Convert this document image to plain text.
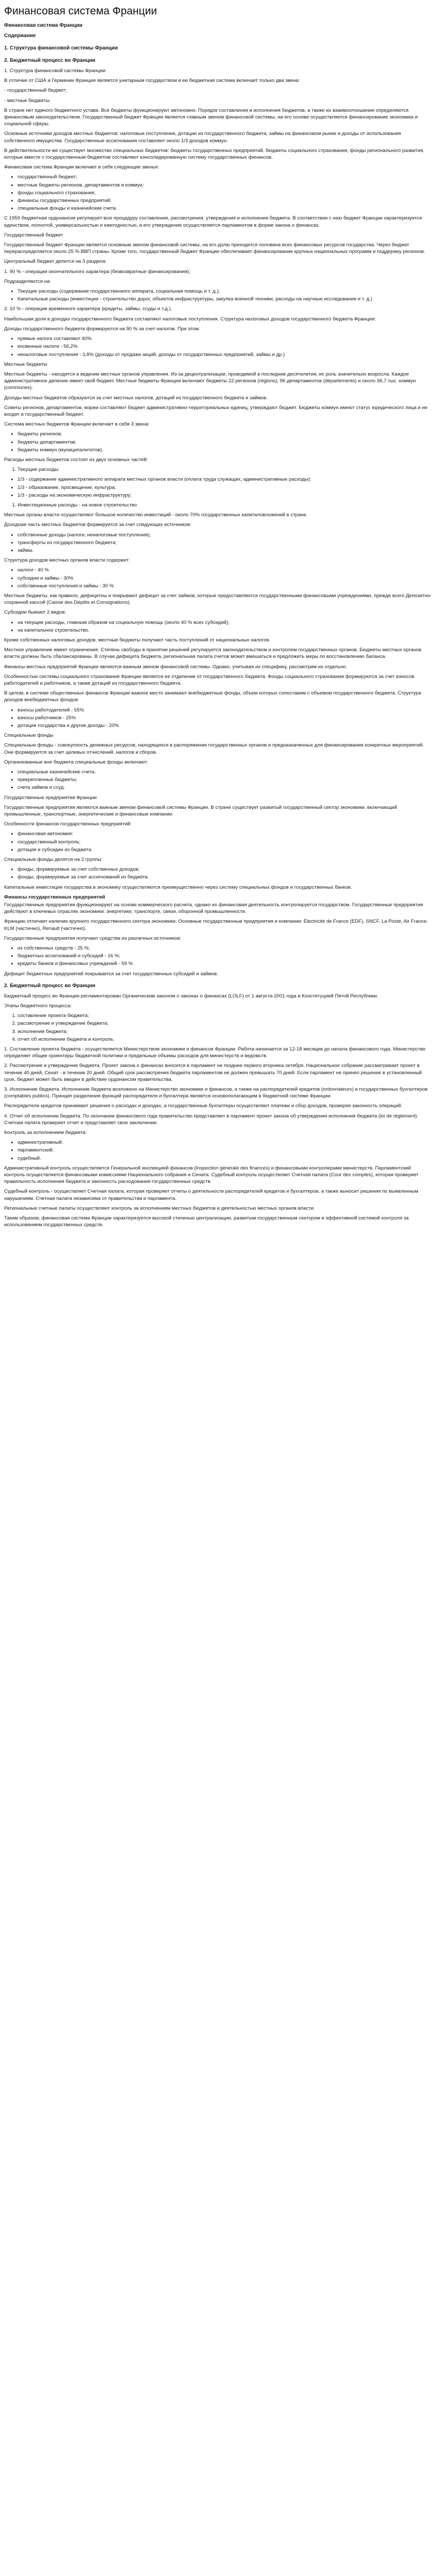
Финансовая система Франции
Финансовая система Франции
Содержание
1. Структура финансовой системы Франции
2. Бюджетный процесс во Франции

1. Структура финансовой системы Франции

В отличие от США и Германии Франция является унитарным государством и ее бюджетная система включает только два звена:

- государственный бюджет;

- местные бюджеты.

В стране нет единого бюджетного устава. Все бюджеты функционируют автономно. Порядок составления и исполнения бюджетов, а также их взаимоотношения определяются финансовым законодательством. Государственный бюджет Франции является главным звеном финансовой системы, на его основе осуществляется финансирование экономики и социальной сферы.

Основные источники доходов местных бюджетов: налоговые поступления, дотации из государственного бюджета, займы на финансовом рынке и доходы от использования собственного имущества. Государственные ассигнования составляют около 1/3 доходов коммун.

В действительности же существует множество специальных бюджетов: бюджеты государственных предприятий, бюджеты социального страхования, фонды регионального развития, которые вместе с государственным бюджетом составляют консолидированную систему государственных финансов.

Финансовая система Франции включает в себя следующие звенья:

• государственный бюджет;
• местные бюджеты регионов, департаментов и коммун;
• фонды социального страхования;
• финансы государственных предприятий;
• специальные фонды и казначейские счета.

С 1959 бюджетная ордонансия регулирует всю процедуру составления, рассмотрения, утверждения и исполнения бюджета. В соответствии с нею бюджет Франции характеризуется единством, полнотой, универсальностью и ежегодностью, а его утверждение осуществляется парламентом в форме закона о финансах.

Государственный бюджет

Государственный бюджет Франции является основным звеном финансовой системы, на его долю приходится половина всех финансовых ресурсов государства. Через бюджет перераспределяется около 25 % ВВП страны. Кроме того, государственный бюджет Франции обеспечивает финансирование крупных национальных программ и поддержку регионов.

Центральный бюджет делится на 3 раздела:

1. 90 % - операции окончательного характера (безвозвратные финансирования);

Подразделяются на:

• Текущие расходы (содержание государственного аппарата, социальная помощь и т. д.);
• Капитальные расходы (инвестиции - строительство дорог, объектов инфраструктуры, закупка военной техники, расходы на научные исследования и т. д.)

2. 10 % - операции временного характера (кредиты, займы, ссуды и т.д.).

Наибольшая доля в доходах государственного бюджета составляют налоговые поступления. Структура налоговых доходов государственного бюджета Франции:

Доходы государственного бюджета формируются на 90 % за счет налогов. При этом:

• прямые налоги составляют 40%
• косвенные налоги - 56,2%
• неналоговые поступления - 3,8% (доходы от продажи акций, доходы от государственных предприятий, займы и др.)

Местные бюджеты

Местные бюджеты - находятся в ведении местных органов управления. Из-за децентрализации, проводимой в последние десятилетия, их роль значительно возросла. Каждое административное деление имеет свой бюджет. Местные бюджеты Франции включают бюджеты 22 регионов (régions), 96 департаментов (départements) и около 36,7 тыс. коммун (communes).

Доходы местных бюджетов образуются за счет местных налогов, дотаций из государственного бюджета и займов.

Советы регионов, департаментов, мэрии составляют бюджет административно-территориальных единиц, утверждают бюджет. Бюджеты коммун имеют статус юридического лица и не входят в государственный бюджет.

Система местных бюджетов Франции включает в себя 3 звена:

• бюджеты регионов;
• бюджеты департаментов;
• бюджеты коммун (муниципалитетов).

Расходы местных бюджетов состоят из двух основных частей:

1. Текущие расходы:
• 1/3 - содержание административного аппарата местных органов власти (оплата труда служащих, административные расходы);
• 1/3 - образование, просвещение, культура;
• 1/3 - расходы на экономическую инфраструктуру;
1. Инвестиционные расходы - на новое строительство

Местные органы власти осуществляют большое количество инвестиций - около 70% государственных капиталовложений в стране.

Доходная часть местных бюджетов формируется за счет следующих источников:

• собственные доходы (налоги, неналоговые поступления);
• трансферты из государственного бюджета;
• займы.

Структура доходов местных органов власти содержит:

• налоги - 40 %
• субсидии и займы - 30%
• собственные поступления и займы - 30 %

Местные бюджеты, как правило, дефицитны и покрывают дефицит за счет займов, которые предоставляются государственными финансовыми учреждениями, прежде всего Депозитно-сохранной кассой (Caisse des Dépôts et Consignations).

Субсидии бывают 2 видов:

• на текущие расходы, главным образом на социальную помощь (около 40 % всех субсидий);
• на капитальное строительство.

Кроме собственных налоговых доходов, местные бюджеты получают часть поступлений от национальных налогов.

Местное управление имеет ограничения. Степень свободы в принятии решений регулируется законодательством и контролем государственных органов. Бюджеты местных органов власти должны быть сбалансированы. В случае дефицита бюджета, региональная палата счетов может вмешаться и предложить меры по восстановлению баланса.

Финансы местных предприятий Франции являются важным звеном финансовой системы. Однако, учитывая их специфику, рассмотрим их отдельно.

Особенностью системы социального страхования Франции является ее отделение от государственного бюджета. Фонды социального страхования формируются за счет взносов работодателей и работников, а также дотаций из государственного бюджета.

В целом, в системе общественных финансов Франции важное место занимают внебюджетные фонды, объем которых сопоставим с объемом государственного бюджета. Структура доходов внебюджетных фондов:

• взносы работодателей - 55%
• взносы работников - 25%
• дотации государства и другие доходы - 20%

Специальные фонды

Специальные фонды - совокупность денежных ресурсов, находящихся в распоряжении государственных органов и предназначенных для финансирования конкретных мероприятий. Они формируются за счет целевых отчислений, налогов и сборов.

Организованные вне бюджета специальные фонды включают:

• специальные казначейские счета;
• прикрепленные бюджеты;
• счета займов и ссуд.

Государственные предприятия Франции

Государственные предприятия являются важным звеном финансовой системы Франции. В стране существует развитый государственный сектор экономики, включающий промышленные, транспортные, энергетические и финансовые компании.

Особенности финансов государственных предприятий:

• финансовая автономия;
• государственный контроль;
• дотации и субсидии из бюджета.

Специальные фонды делятся на 2 группы:

• фонды, формируемые за счет собственных доходов;
• фонды, формируемые за счет ассигнований из бюджета.

Капитальные инвестиции государства в экономику осуществляются преимущественно через систему специальных фондов и государственных банков.

Финансы государственных предприятий

Государственные предприятия функционируют на основе коммерческого расчета, однако их финансовая деятельность контролируется государством. Государственные предприятия действуют в ключевых отраслях экономики: энергетике, транспорте, связи, оборонной промышленности.

Францию отличает наличие крупного государственного сектора экономики. Основные государственные предприятия и компании: Électricité de France (EDF), SNCF, La Poste, Air France-KLM (частично), Renault (частично).

Государственные предприятия получают средства из различных источников:

• из собственных средств - 25 %;
• бюджетных ассигнований и субсидий - 16 %;
• кредиты банков и финансовых учреждений - 59 %

Дефицит бюджетных предприятий покрывается за счет государственных субсидий и займов.

2. Бюджетный процесс во Франции

Бюджетный процесс во Франции регламентирован Органическим законом о законах о финансах (LOLF) от 1 августа 2001 года и Конституцией Пятой Республики.

Этапы бюджетного процесса:

1. составление проекта бюджета;
2. рассмотрение и утверждение бюджета;
3. исполнение бюджета;
4. отчет об исполнении бюджета и контроль.

1. Составление проекта бюджета - осуществляется Министерством экономики и финансов Франции. Работа начинается за 12-18 месяцев до начала финансового года. Министерство определяет общие ориентиры бюджетной политики и предельные объемы расходов для министерств и ведомств.

2. Рассмотрение и утверждение бюджета. Проект закона о финансах вносится в парламент не позднее первого вторника октября. Национальное собрание рассматривает проект в течение 40 дней, Сенат - в течение 20 дней. Общий срок рассмотрения бюджета парламентом не должен превышать 70 дней. Если парламент не принял решение в установленный срок, бюджет может быть введен в действие ордонансом правительства.

3. Исполнение бюджета. Исполнение бюджета возложено на Министерство экономики и финансов, а также на распорядителей кредитов (ordonnateurs) и государственных бухгалтеров (comptables publics). Принцип разделения функций распорядителя и бухгалтера является основополагающим в бюджетной системе Франции.

Распорядители кредитов принимают решения о расходах и доходах, а государственные бухгалтеры осуществляют платежи и сбор доходов, проверяя законность операций.

4. Отчет об исполнении бюджета. По окончании финансового года правительство представляет в парламент проект закона об утверждении исполнения бюджета (loi de règlement). Счетная палата проверяет отчет и представляет свое заключение.

Контроль за исполнением бюджета:

• административный;
• парламентский;
• судебный.

Административный контроль осуществляется Генеральной инспекцией финансов (Inspection générale des finances) и финансовыми контролерами министерств. Парламентский контроль осуществляется финансовыми комиссиями Национального собрания и Сената. Судебный контроль осуществляет Счетная палата (Cour des comptes), которая проверяет правильность исполнения бюджета и законность расходования государственных средств.

Судебный контроль - осуществляет Счетная палата, которая проверяет отчеты о деятельности распорядителей кредитов и бухгалтеров, а также выносит решения по выявленным нарушениям. Счетная палата независима от правительства и парламента.

Региональные счетные палаты осуществляют контроль за исполнением местных бюджетов и деятельностью местных органов власти.

Таким образом, финансовая система Франции характеризуется высокой степенью централизации, развитым государственным сектором и эффективной системой контроля за использованием государственных средств.
